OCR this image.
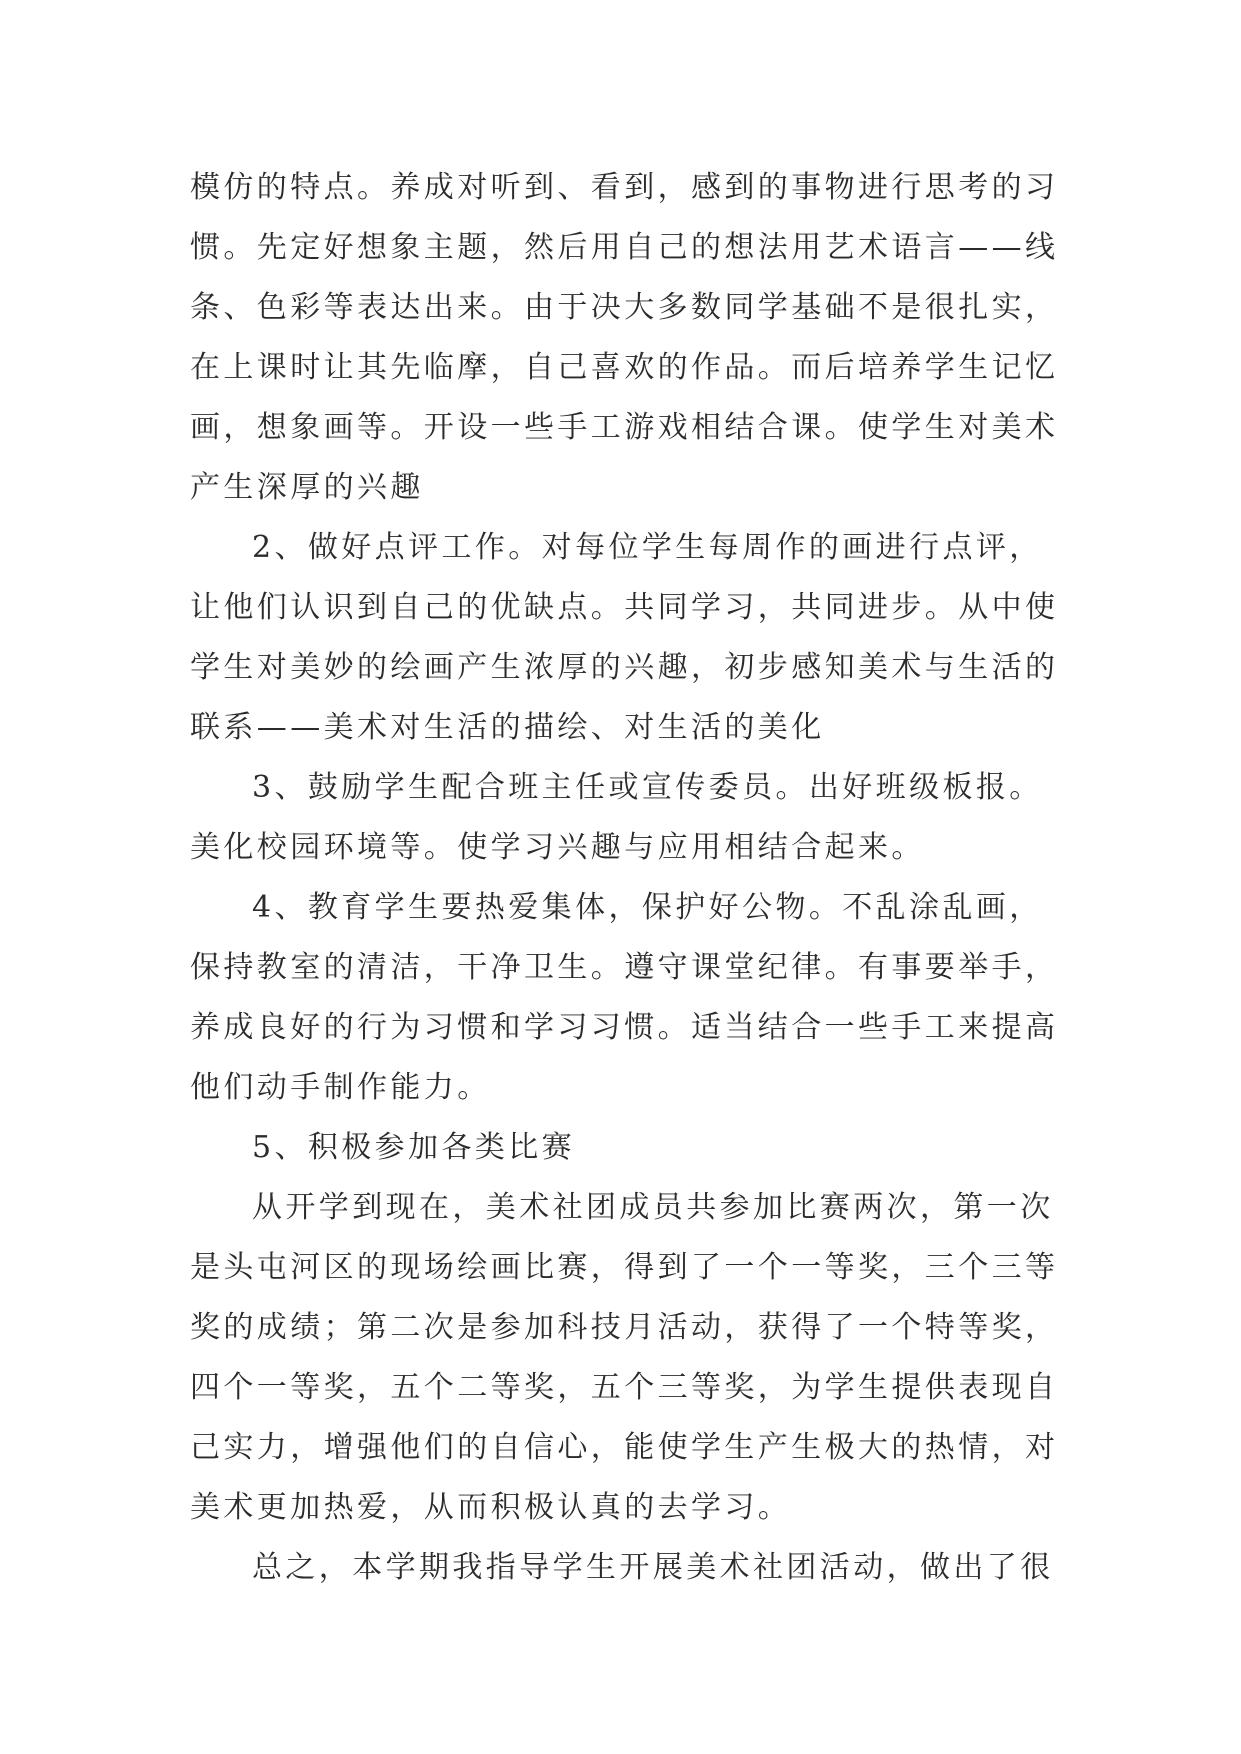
模仿的特点。养成对听到、看到，感到的事物进行思考的习
惯。先定好想象主题，然后用自己的想法用艺术语言——线
条、色彩等表达出来。由于决大多数同学基础不是很扎实，
在上课时让其先临摩，自己喜欢的作品。而后培养学生记忆
画，想象画等。开设一些手工游戏相结合课。使学生对美术
产生深厚的兴趣
2、做好点评工作。对每位学生每周作的画进行点评，
让他们认识到自己的优缺点。共同学习，共同进步。从中使
学生对美妙的绘画产生浓厚的兴趣，初步感知美术与生活的
联系——美术对生活的描绘、对生活的美化
3、鼓励学生配合班主任或宣传委员。出好班级板报。
美化校园环境等。使学习兴趣与应用相结合起来。
4、教育学生要热爱集体，保护好公物。不乱涂乱画，
保持教室的清洁，干净卫生。遵守课堂纪律。有事要举手，
养成良好的行为习惯和学习习惯。适当结合一些手工来提高
他们动手制作能力。
5、积极参加各类比赛
从开学到现在，美术社团成员共参加比赛两次，第一次
是头屯河区的现场绘画比赛，得到了一个一等奖，三个三等
奖的成绩；第二次是参加科技月活动，获得了一个特等奖，
四个一等奖，五个二等奖，五个三等奖，为学生提供表现自
己实力，增强他们的自信心，能使学生产生极大的热情，对
美术更加热爱，从而积极认真的去学习。
总之，本学期我指导学生开展美术社团活动，做出了很
